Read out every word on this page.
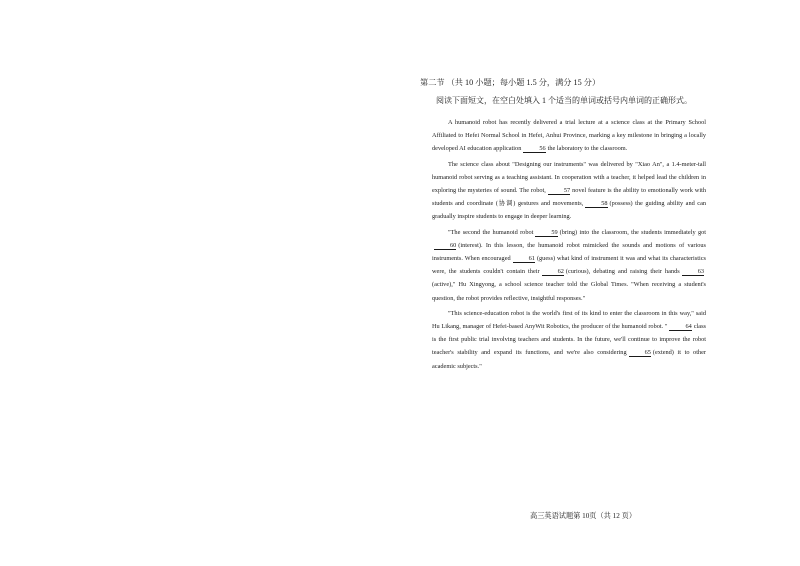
第二节 （共 10 小题；每小题 1.5 分，满分 15 分）
阅读下面短文，在空白处填入 1 个适当的单词或括号内单词的正确形式。

A humanoid robot has recently delivered a trial lecture at a science class at the Primary School Affiliated to Hefei Normal School in Hefei, Anhui Province, marking a key milestone in bringing a locally developed AI education application	56 the laboratory to the classroom.

The science class about "Designing our instruments" was delivered by "Xiao An", a 1.4-meter-tall humanoid robot serving as a teaching assistant. In cooperation with a teacher, it helped lead the children in exploring the mysteries of sound. The robot,	57 novel feature is the ability to emotionally work with students and coordinate (协调) gestures and movements,	58 (possess) the guiding ability and can gradually inspire students to engage in deeper learning.

"The second the humanoid robot	59 (bring) into the classroom, the students immediately got60 (interest). In this lesson, the humanoid robot mimicked the sounds and motions of various instruments. When encouraged	61 (guess) what kind of instrument it was and what its characteristics were, the students couldn't contain their	62 (curious), debating and raising their hands	63(active)," Hu Xingyong, a school science teacher told the Global Times. "When receiving a student's question, the robot provides reflective, insightful responses."

"This science-education robot is the world's first of its kind to enter the classroom in this way," said Hu Likang, manager of Hefei-based AnyWit Robotics, the producer of the humanoid robot. "	64 class is the first public trial involving teachers and students. In the future, we'll continue to improve the robot teacher's stability and expand its functions, and we're also considering	65 (extend) it to other academic subjects."

高三英语试题第 10页（共 12 页）
